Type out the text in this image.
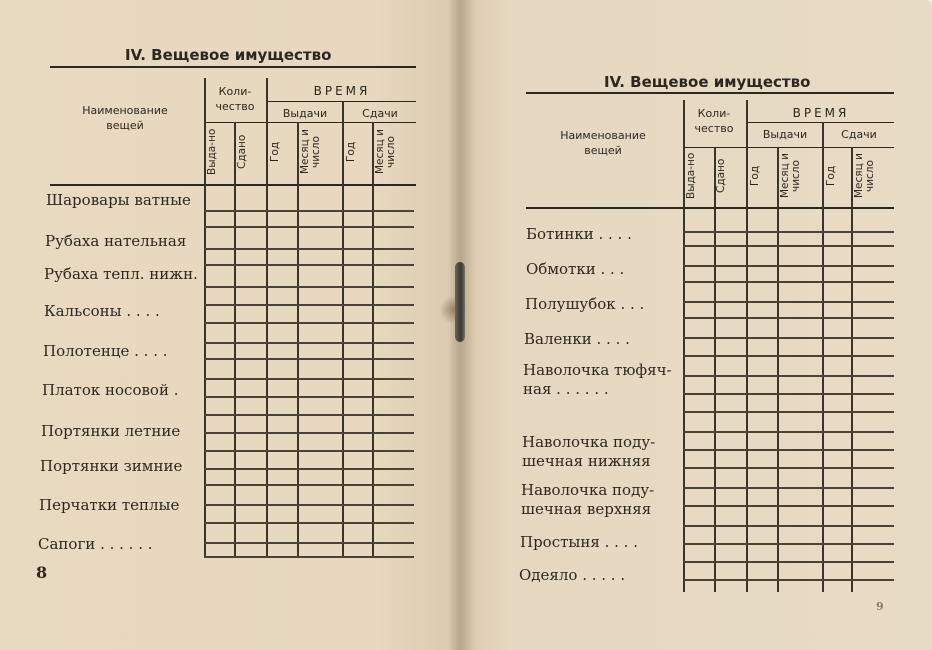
IV. Вещевое имущество
Наименование вещей
Коли-чество
ВРЕМЯ
Выдачи	Сдачи
Выда-но	Сдано	Год	Месяц и число	Год	Месяц и число
Шаровары ватные
Рубаха нательная
Рубаха тепл. нижн.
Кальсоны . . . .
Полотенце . . . .
Платок носовой .
Портянки летние
Портянки зимние
Перчатки теплые
Сапоги . . . . . .
8
IV. Вещевое имущество
Наименование вещей
Коли-чество
ВРЕМЯ
Выдачи	Сдачи
Выда-но	Сдано	Год	Месяц и число	Год	Месяц и число
Ботинки . . . .
Обмотки . . .
Полушубок . . .
Валенки . . . .
Наволочка тюфяч-
ная . . . . . .
Наволочка поду-
шечная нижняя
Наволочка поду-
шечная верхняя
Простыня . . . .
Одеяло . . . . .
9
